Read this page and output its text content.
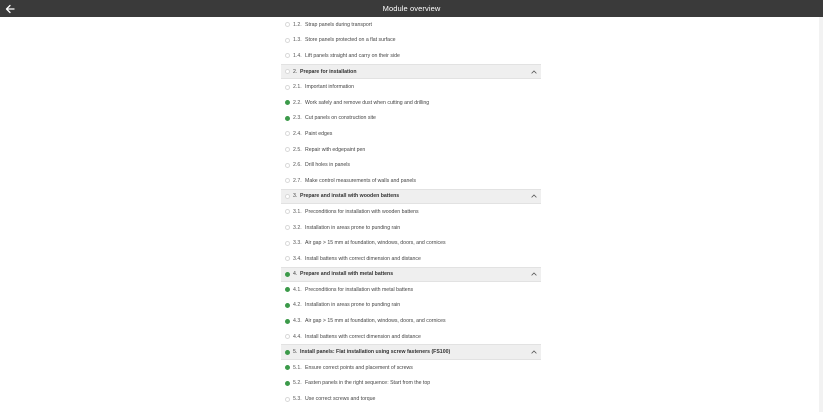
Module overview
1.2. Strap panels during transport
1.3. Store panels protected on a flat surface
1.4. Lift panels straight and carry on their side
2. Prepare for installation
2.1. Important information
2.2. Work safely and remove dust when cutting and drilling
2.3. Cut panels on construction site
2.4. Paint edges
2.5. Repair with edgepaint pen
2.6. Drill holes in panels
2.7. Make control measurements of walls and panels
3. Prepare and install with wooden battens
3.1. Preconditions for installation with wooden battens
3.2. Installation in areas prone to punding rain
3.3. Air gap > 15 mm at foundation, windows, doors, and cornices
3.4. Install battens with correct dimension and distance
4. Prepare and install with metal battens
4.1. Preconditions for installation with metal battens
4.2. Installation in areas prone to punding rain
4.3. Air gap > 15 mm at foundation, windows, doors, and cornices
4.4. Install battens with correct dimension and distance
5. Install panels: Flat installation using screw fasteners (FS100)
5.1. Ensure correct points and placement of screws
5.2. Fasten panels in the right sequence: Start from the top
5.3. Use correct screws and torque
